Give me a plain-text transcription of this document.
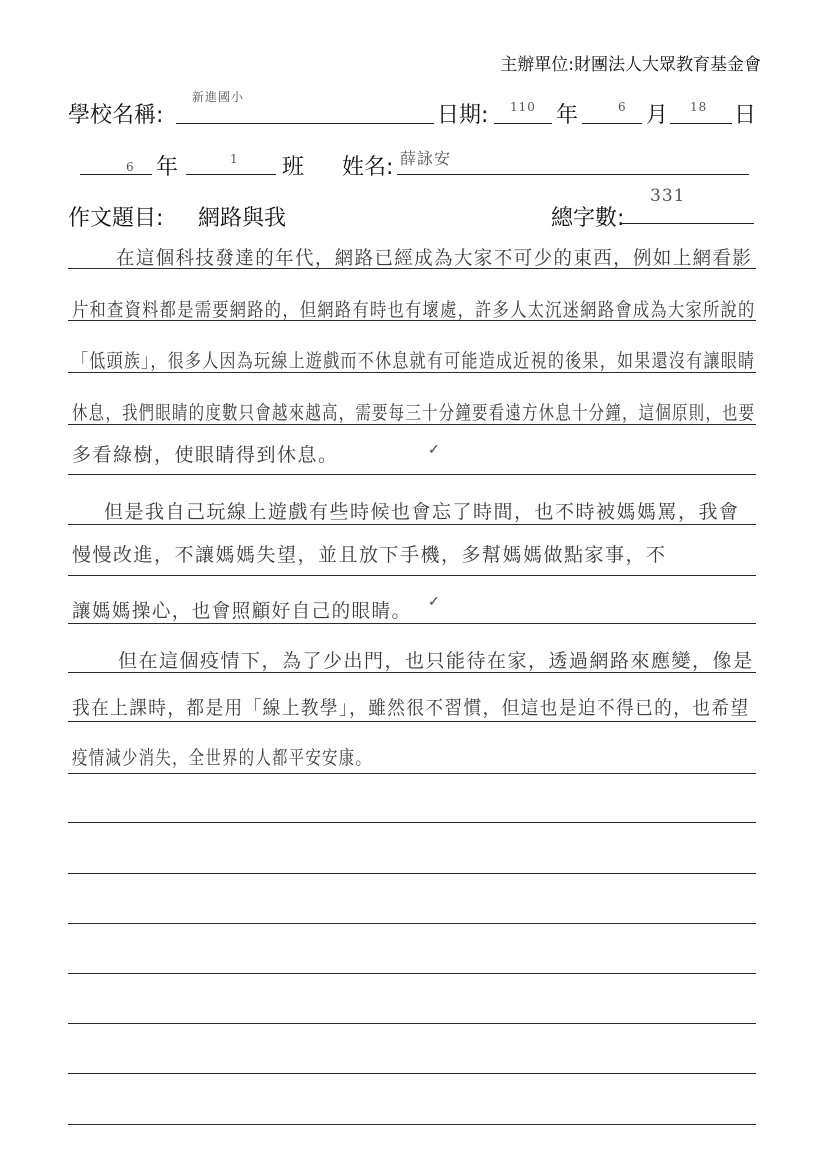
主辦單位:財團法人大眾教育基金會
學校名稱:
新進國小
日期: 110 年	6 月 18 日
6 年	1 班 姓名: 薛詠安
作文題目: 網路與我	總字數:
331
在這個科技發達的年代，網路已經成為大家不可少的東西，例如上網看影
片和查資料都是需要網路的，但網路有時也有壞處，許多人太沉迷網路會成為大家所說的
「低頭族」，很多人因為玩線上遊戲而不休息就有可能造成近視的後果，如果還沒有讓眼睛
休息，我們眼睛的度數只會越來越高，需要每三十分鐘要看遠方休息十分鐘，這個原則，也要
多看綠樹，使眼睛得到休息。
但是我自己玩線上遊戲有些時候也會忘了時間，也不時被媽媽罵，我會
慢慢改進，不讓媽媽失望，並且放下手機，多幫媽媽做點家事，不
讓媽媽操心，也會照顧好自己的眼睛。
但在這個疫情下，為了少出門，也只能待在家，透過網路來應變，像是
我在上課時，都是用「線上教學」，雖然很不習慣，但這也是迫不得已的，也希望
疫情減少消失，全世界的人都平安安康。
✓
✓
